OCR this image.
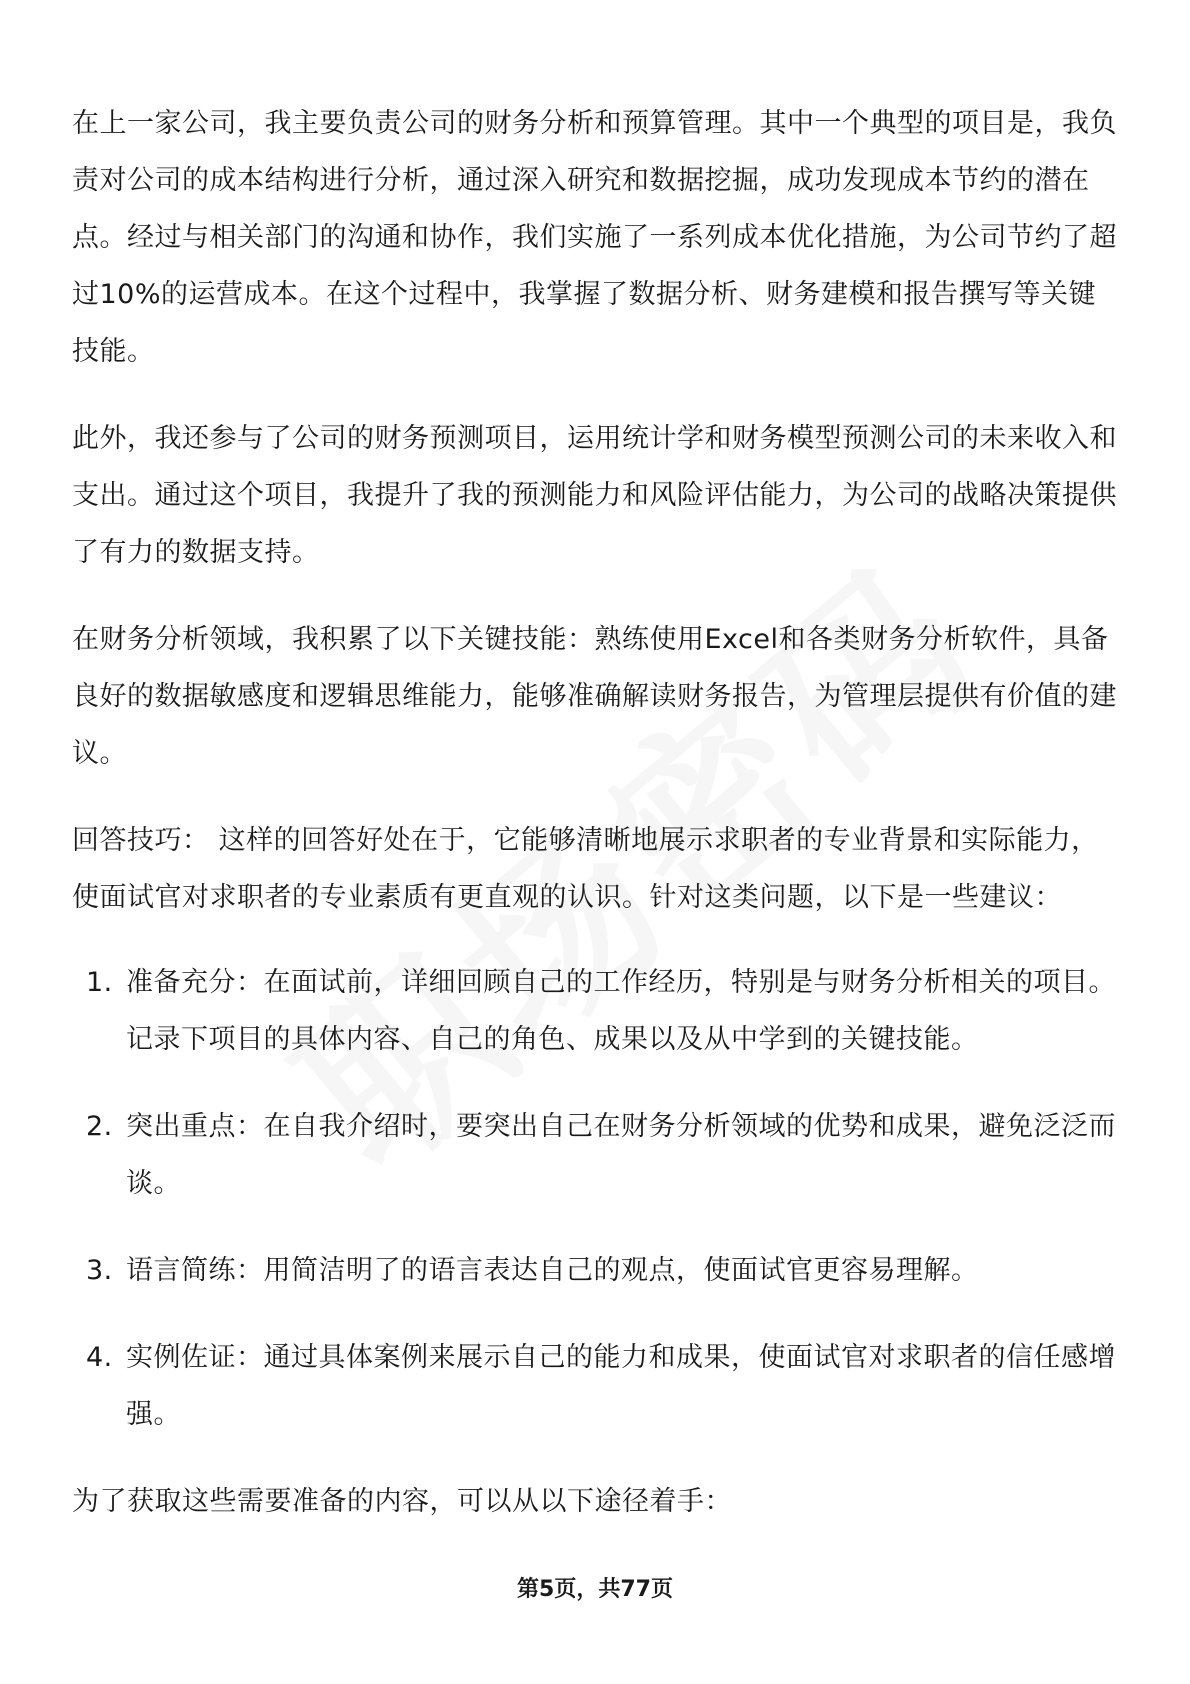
在上一家公司，我主要负责公司的财务分析和预算管理。其中一个典型的项目是，我负责对公司的成本结构进行分析，通过深入研究和数据挖掘，成功发现成本节约的潜在点。经过与相关部门的沟通和协作，我们实施了一系列成本优化措施，为公司节约了超过10%的运营成本。在这个过程中，我掌握了数据分析、财务建模和报告撰写等关键技能。

此外，我还参与了公司的财务预测项目，运用统计学和财务模型预测公司的未来收入和支出。通过这个项目，我提升了我的预测能力和风险评估能力，为公司的战略决策提供了有力的数据支持。

在财务分析领域，我积累了以下关键技能：熟练使用Excel和各类财务分析软件，具备良好的数据敏感度和逻辑思维能力，能够准确解读财务报告，为管理层提供有价值的建议。

回答技巧： 这样的回答好处在于，它能够清晰地展示求职者的专业背景和实际能力，使面试官对求职者的专业素质有更直观的认识。针对这类问题，以下是一些建议：

1. 准备充分：在面试前，详细回顾自己的工作经历，特别是与财务分析相关的项目。记录下项目的具体内容、自己的角色、成果以及从中学到的关键技能。
2. 突出重点：在自我介绍时，要突出自己在财务分析领域的优势和成果，避免泛泛而谈。
3. 语言简练：用简洁明了的语言表达自己的观点，使面试官更容易理解。
4. 实例佐证：通过具体案例来展示自己的能力和成果，使面试官对求职者的信任感增强。

为了获取这些需要准备的内容，可以从以下途径着手：

第5页，共77页
